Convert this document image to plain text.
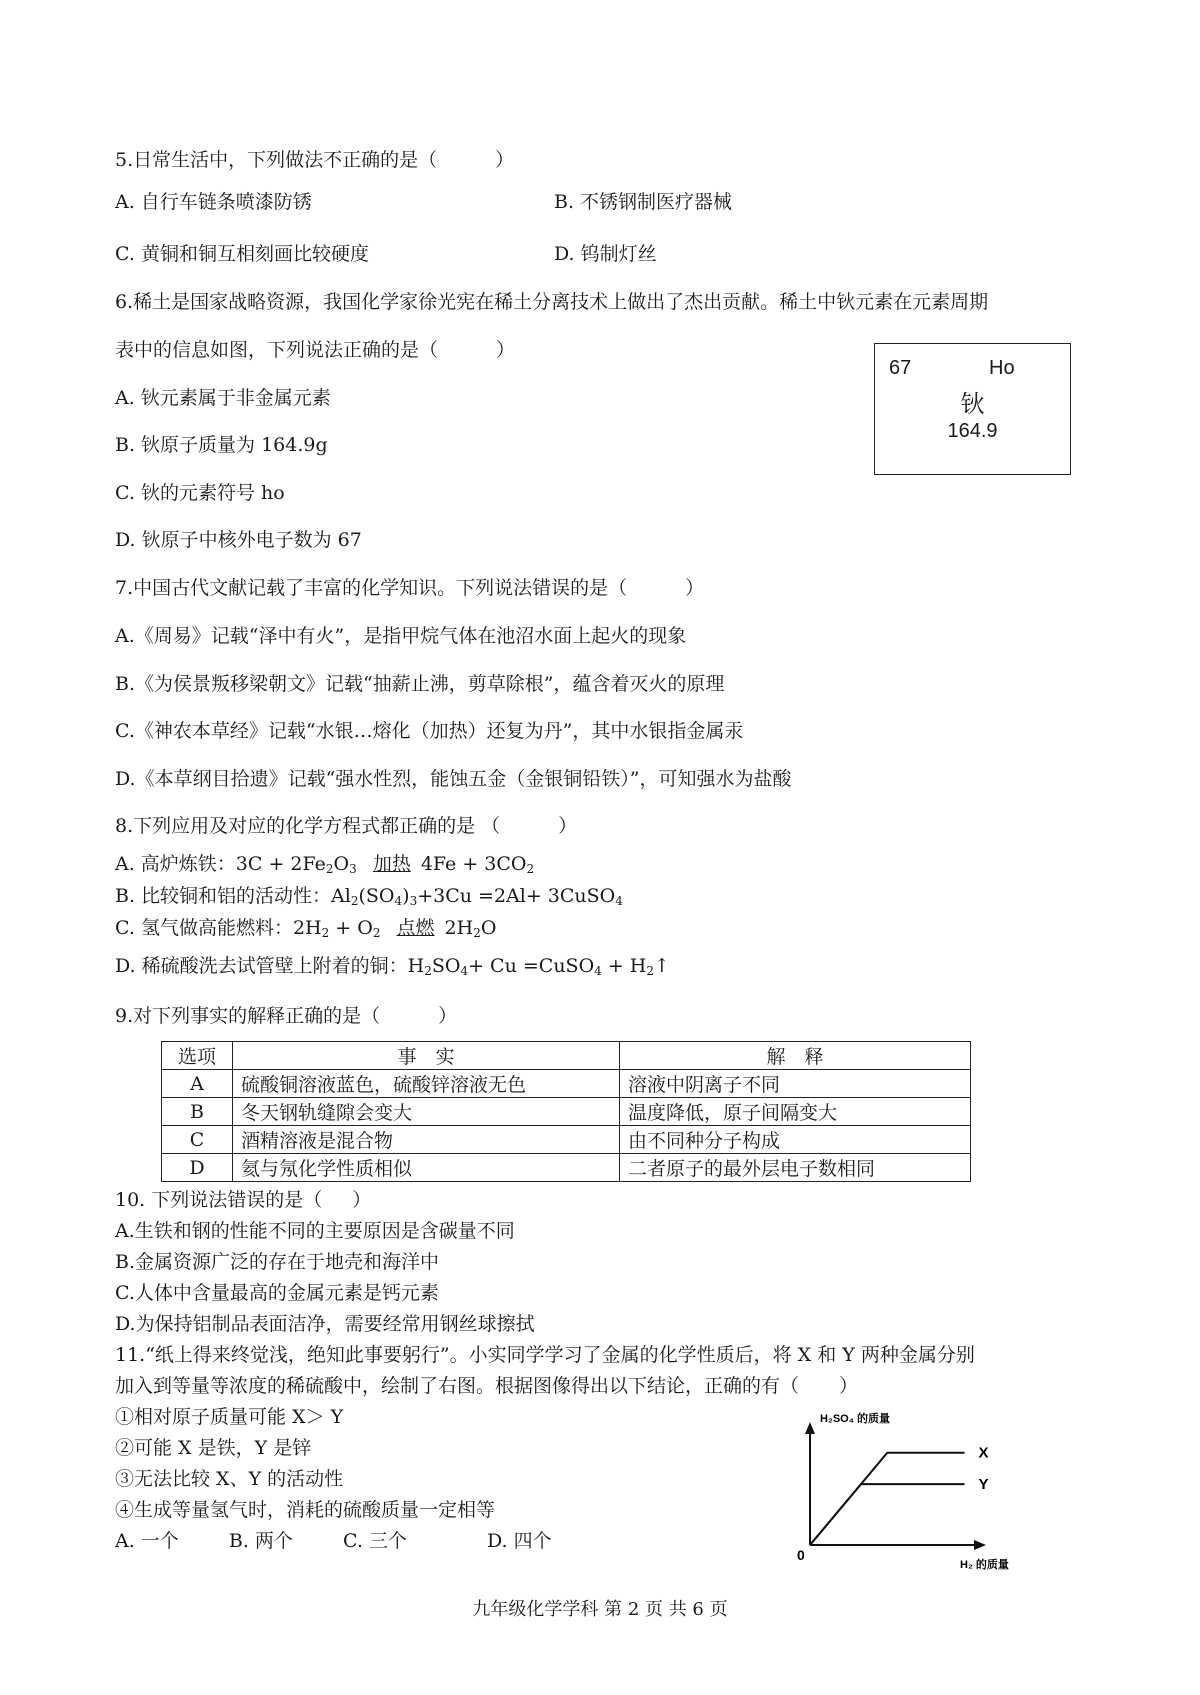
5.日常生活中，下列做法不正确的是（	）
A. 自行车链条喷漆防锈	B. 不锈钢制医疗器械
C. 黄铜和铜互相刻画比较硬度	D. 钨制灯丝
6.稀土是国家战略资源，我国化学家徐光宪在稀土分离技术上做出了杰出贡献。稀土中钬元素在元素周期
表中的信息如图，下列说法正确的是（	）
A. 钬元素属于非金属元素
B. 钬原子质量为 164.9g
C. 钬的元素符号 ho
D. 钬原子中核外电子数为 67
67	Ho
钬
164.9
7.中国古代文献记载了丰富的化学知识。下列说法错误的是（	）
A.《周易》记载“泽中有火”，是指甲烷气体在池沼水面上起火的现象
B.《为侯景叛移梁朝文》记载“抽薪止沸，剪草除根”，蕴含着灭火的原理
C.《神农本草经》记载“水银…熔化（加热）还复为丹”，其中水银指金属汞
D.《本草纲目拾遗》记载“强水性烈，能蚀五金（金银铜铅铁）”，可知强水为盐酸
8.下列应用及对应的化学方程式都正确的是 （	）
A. 高炉炼铁：$3C + 2Fe_2O_3$ 加热 $4Fe + 3CO_2$
B. 比较铜和铝的活动性：$Al_2(SO_4)_3+3Cu =2Al+$ 3CuSO$_4$
C. 氢气做高能燃料：$2H_2 + O_2$ 点燃 $2H_2O$
D. 稀硫酸洗去试管壁上附着的铜：$H_2SO_4+ Cu$ =CuSO$_4$ + $H_2↑$
9.对下列事实的解释正确的是（	）
选项	事　实	解　释
A	硫酸铜溶液蓝色，硫酸锌溶液无色	溶液中阴离子不同
B	冬天钢轨缝隙会变大	温度降低，原子间隔变大
C	酒精溶液是混合物	由不同种分子构成
D	氦与氖化学性质相似	二者原子的最外层电子数相同
10. 下列说法错误的是（ ）
A.生铁和钢的性能不同的主要原因是含碳量不同
B.金属资源广泛的存在于地壳和海洋中
C.人体中含量最高的金属元素是钙元素
D.为保持铝制品表面洁净，需要经常用钢丝球擦拭
11.“纸上得来终觉浅，绝知此事要躬行”。小实同学学习了金属的化学性质后，将 X 和 Y 两种金属分别
加入到等量等浓度的稀硫酸中，绘制了右图。根据图像得出以下结论，正确的有（ ）
①相对原子质量可能 X＞ Y
②可能 X 是铁，Y 是锌
③无法比较 X、Y 的活动性
④生成等量氢气时，消耗的硫酸质量一定相等
A. 一个	B. 两个	C. 三个	D. 四个
H₂SO₄ 的质量
0
H₂ 的质量
X
Y
九年级化学学科 第 2 页 共 6 页
